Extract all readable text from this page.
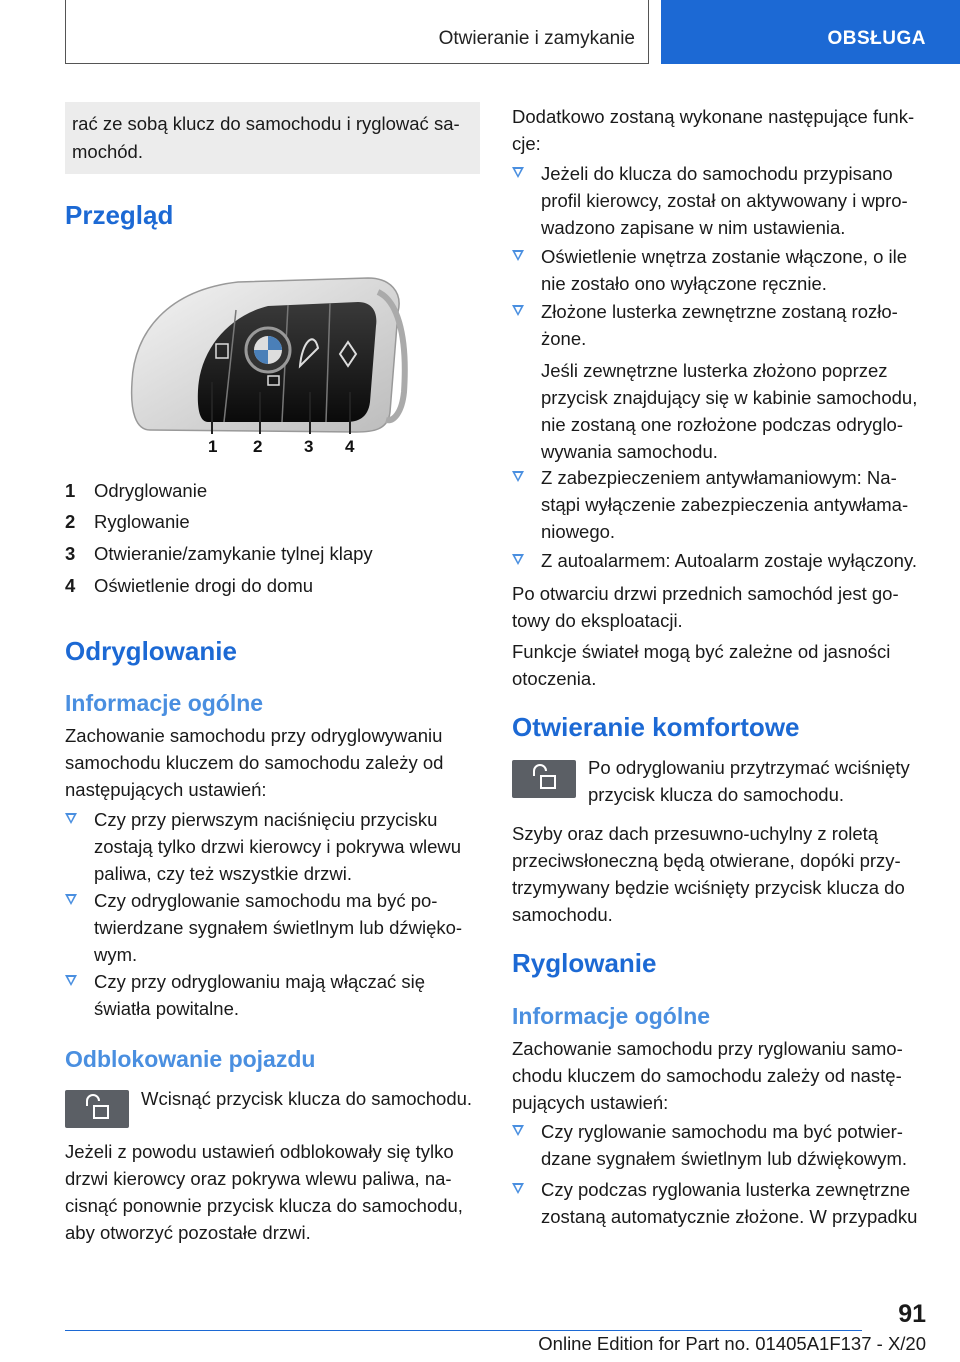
Otwieranie i zamykanie	OBSŁUGA
rać ze sobą klucz do samochodu i ryglować sa-
mochód.
Przegląd
1 2 3 4
1 Odryglowanie
2 Ryglowanie
3 Otwieranie/zamykanie tylnej klapy
4 Oświetlenie drogi do domu
Odryglowanie
Informacje ogólne
Zachowanie samochodu przy odryglowywaniu
samochodu kluczem do samochodu zależy od
następujących ustawień:
Czy przy pierwszym naciśnięciu przycisku
zostają tylko drzwi kierowcy i pokrywa wlewu
paliwa, czy też wszystkie drzwi.
Czy odryglowanie samochodu ma być po-
twierdzane sygnałem świetlnym lub dźwięko-
wym.
Czy przy odryglowaniu mają włączać się
światła powitalne.
Odblokowanie pojazdu
Wcisnąć przycisk klucza do samochodu.
Jeżeli z powodu ustawień odblokowały się tylko
drzwi kierowcy oraz pokrywa wlewu paliwa, na-
cisnąć ponownie przycisk klucza do samochodu,
aby otworzyć pozostałe drzwi.
Dodatkowo zostaną wykonane następujące funk-
cje:
Jeżeli do klucza do samochodu przypisano
profil kierowcy, został on aktywowany i wpro-
wadzono zapisane w nim ustawienia.
Oświetlenie wnętrza zostanie włączone, o ile
nie zostało ono wyłączone ręcznie.
Złożone lusterka zewnętrzne zostaną rozło-
żone.
Jeśli zewnętrzne lusterka złożono poprzez
przycisk znajdujący się w kabinie samochodu,
nie zostaną one rozłożone podczas odryglo-
wywania samochodu.
Z zabezpieczeniem antywłamaniowym: Na-
stąpi wyłączenie zabezpieczenia antywłama-
niowego.
Z autoalarmem: Autoalarm zostaje wyłączony.
Po otwarciu drzwi przednich samochód jest go-
towy do eksploatacji.
Funkcje świateł mogą być zależne od jasności
otoczenia.
Otwieranie komfortowe
Po odryglowaniu przytrzymać wciśnięty
przycisk klucza do samochodu.
Szyby oraz dach przesuwno-uchylny z roletą
przeciwsłoneczną będą otwierane, dopóki przy-
trzymywany będzie wciśnięty przycisk klucza do
samochodu.
Ryglowanie
Informacje ogólne
Zachowanie samochodu przy ryglowaniu samo-
chodu kluczem do samochodu zależy od nastę-
pujących ustawień:
Czy ryglowanie samochodu ma być potwier-
dzane sygnałem świetlnym lub dźwiękowym.
Czy podczas ryglowania lusterka zewnętrzne
zostaną automatycznie złożone. W przypadku
91
Online Edition for Part no. 01405A1F137 - X/20
